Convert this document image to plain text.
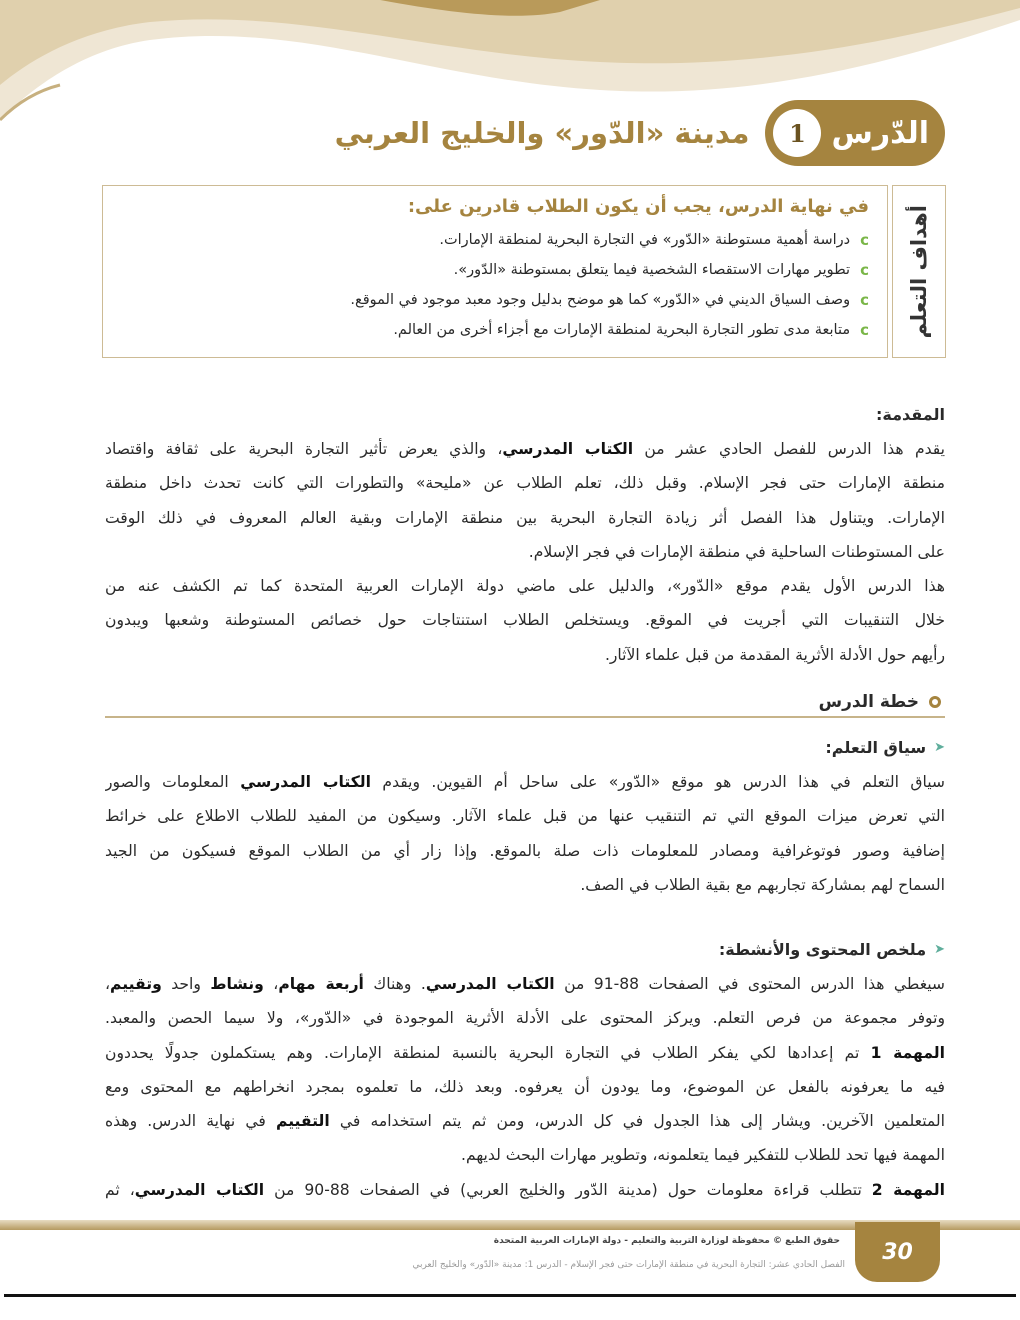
الدّرس
1
مدينة «الدّور» والخليج العربي
أهداف التعلم
في نهاية الدرس، يجب أن يكون الطلاب قادرين على:
c
دراسة أهمية مستوطنة «الدّور» في التجارة البحرية لمنطقة الإمارات.
c
تطوير مهارات الاستقصاء الشخصية فيما يتعلق بمستوطنة «الدّور».
c
وصف السياق الديني في «الدّور» كما هو موضح بدليل وجود معبد موجود في الموقع.
c
متابعة مدى تطور التجارة البحرية لمنطقة الإمارات مع أجزاء أخرى من العالم.
المقدمة:
يقدم هذا الدرس للفصل الحادي عشر من الكتاب المدرسي، والذي يعرض تأثير التجارة البحرية على ثقافة واقتصاد
منطقة الإمارات حتى فجر الإسلام. وقبل ذلك، تعلم الطلاب عن «مليحة» والتطورات التي كانت تحدث داخل منطقة
الإمارات. ويتناول هذا الفصل أثر زيادة التجارة البحرية بين منطقة الإمارات وبقية العالم المعروف في ذلك الوقت
على المستوطنات الساحلية في منطقة الإمارات في فجر الإسلام.
هذا الدرس الأول يقدم موقع «الدّور»، والدليل على ماضي دولة الإمارات العربية المتحدة كما تم الكشف عنه من
خلال التنقيبات التي أجريت في الموقع. ويستخلص الطلاب استنتاجات حول خصائص المستوطنة وشعبها ويبدون
رأيهم حول الأدلة الأثرية المقدمة من قبل علماء الآثار.
خطة الدرس
➤
سياق التعلم:
سياق التعلم في هذا الدرس هو موقع «الدّور» على ساحل أم القيوين. ويقدم الكتاب المدرسي المعلومات والصور
التي تعرض ميزات الموقع التي تم التنقيب عنها من قبل علماء الآثار. وسيكون من المفيد للطلاب الاطلاع على خرائط
إضافية وصور فوتوغرافية ومصادر للمعلومات ذات صلة بالموقع. وإذا زار أي من الطلاب الموقع فسيكون من الجيد
السماح لهم بمشاركة تجاربهم مع بقية الطلاب في الصف.
➤
ملخص المحتوى والأنشطة:
سيغطي هذا الدرس المحتوى في الصفحات 88-91 من الكتاب المدرسي. وهناك أربعة مهام، ونشاط واحد وتقييم،
وتوفر مجموعة من فرص التعلم. ويركز المحتوى على الأدلة الأثرية الموجودة في «الدّور»، ولا سيما الحصن والمعبد.
المهمة 1 تم إعدادها لكي يفكر الطلاب في التجارة البحرية بالنسبة لمنطقة الإمارات. وهم يستكملون جدولًا يحددون
فيه ما يعرفونه بالفعل عن الموضوع، وما يودون أن يعرفوه. وبعد ذلك، ما تعلموه بمجرد انخراطهم مع المحتوى ومع
المتعلمين الآخرين. ويشار إلى هذا الجدول في كل الدرس، ومن ثم يتم استخدامه في التقييم في نهاية الدرس. وهذه
المهمة فيها تحد للطلاب للتفكير فيما يتعلمونه، وتطوير مهارات البحث لديهم.
المهمة 2 تتطلب قراءة معلومات حول (مدينة الدّور والخليج العربي) في الصفحات 88-90 من الكتاب المدرسي، ثم
30
حقوق الطبع © محفوظة لوزارة التربية والتعليم - دولة الإمارات العربية المتحدة
الفصل الحادي عشر: التجارة البحرية في منطقة الإمارات حتى فجر الإسلام - الدرس 1: مدينة «الدّور» والخليج العربي
